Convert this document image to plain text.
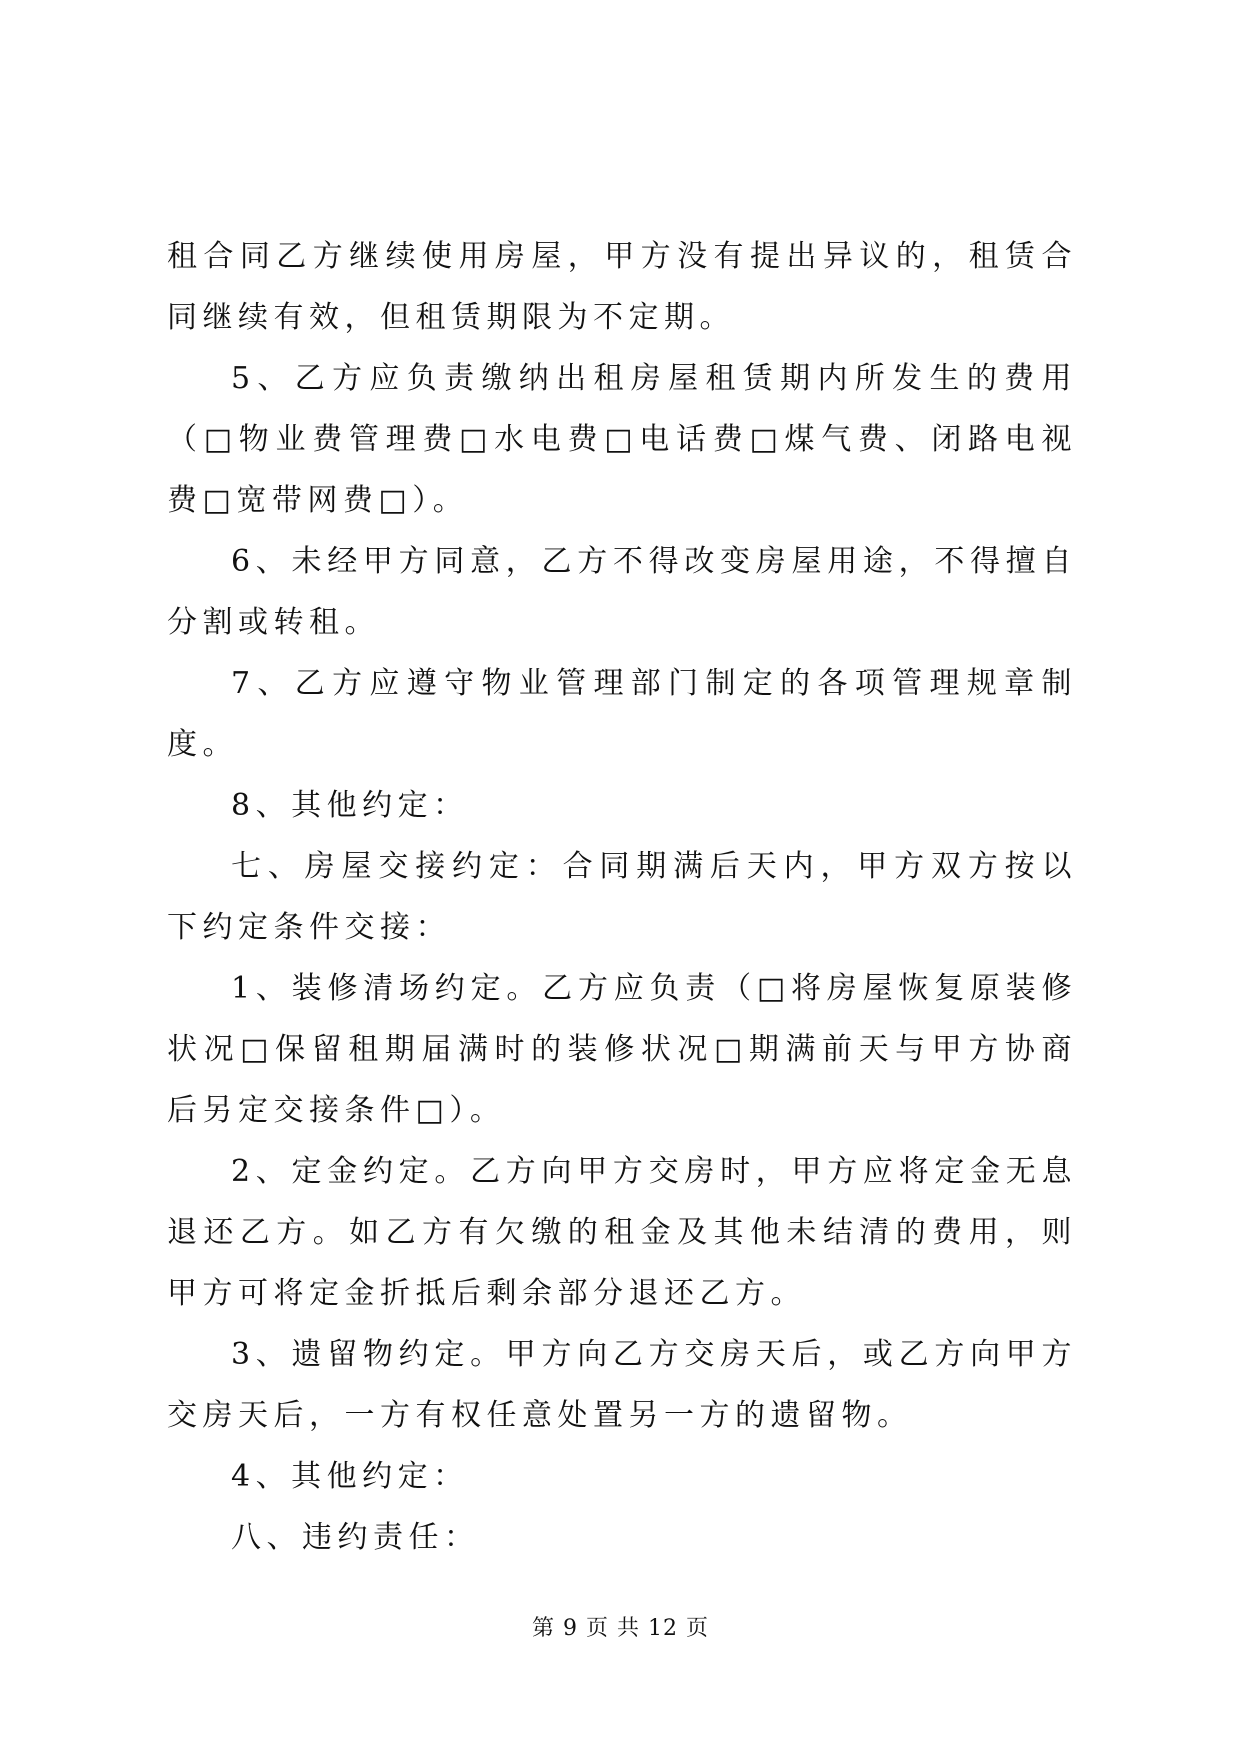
租合同乙方继续使用房屋，甲方没有提出异议的，租赁合同继续有效，但租赁期限为不定期。

5、乙方应负责缴纳出租房屋租赁期内所发生的费用（□物业费管理费□水电费□电话费□煤气费、闭路电视费□宽带网费□）。

6、未经甲方同意，乙方不得改变房屋用途，不得擅自分割或转租。

7、乙方应遵守物业管理部门制定的各项管理规章制度。

8、其他约定：

七、房屋交接约定：合同期满后天内，甲方双方按以下约定条件交接：

1、装修清场约定。乙方应负责（□将房屋恢复原装修状况□保留租期届满时的装修状况□期满前天与甲方协商后另定交接条件□）。

2、定金约定。乙方向甲方交房时，甲方应将定金无息退还乙方。如乙方有欠缴的租金及其他未结清的费用，则甲方可将定金折抵后剩余部分退还乙方。

3、遗留物约定。甲方向乙方交房天后，或乙方向甲方交房天后，一方有权任意处置另一方的遗留物。

4、其他约定：

八、违约责任：

第 9 页 共 12 页
